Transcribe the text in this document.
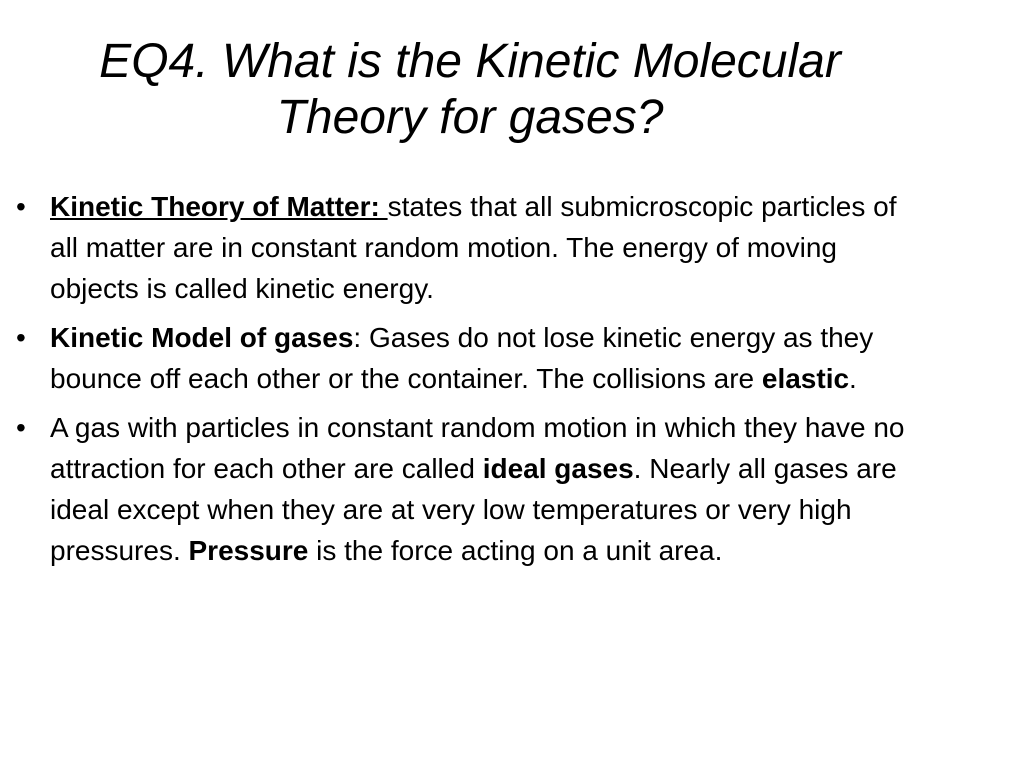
EQ4. What is the Kinetic Molecular
Theory for gases?
• Kinetic Theory of Matter: states that all submicroscopic particles of all matter are in constant random motion. The energy of moving objects is called kinetic energy.
• Kinetic Model of gases: Gases do not lose kinetic energy as they bounce off each other or the container. The collisions are elastic.
• A gas with particles in constant random motion in which they have no attraction for each other are called ideal gases. Nearly all gases are ideal except when they are at very low temperatures or very high pressures. Pressure is the force acting on a unit area.
